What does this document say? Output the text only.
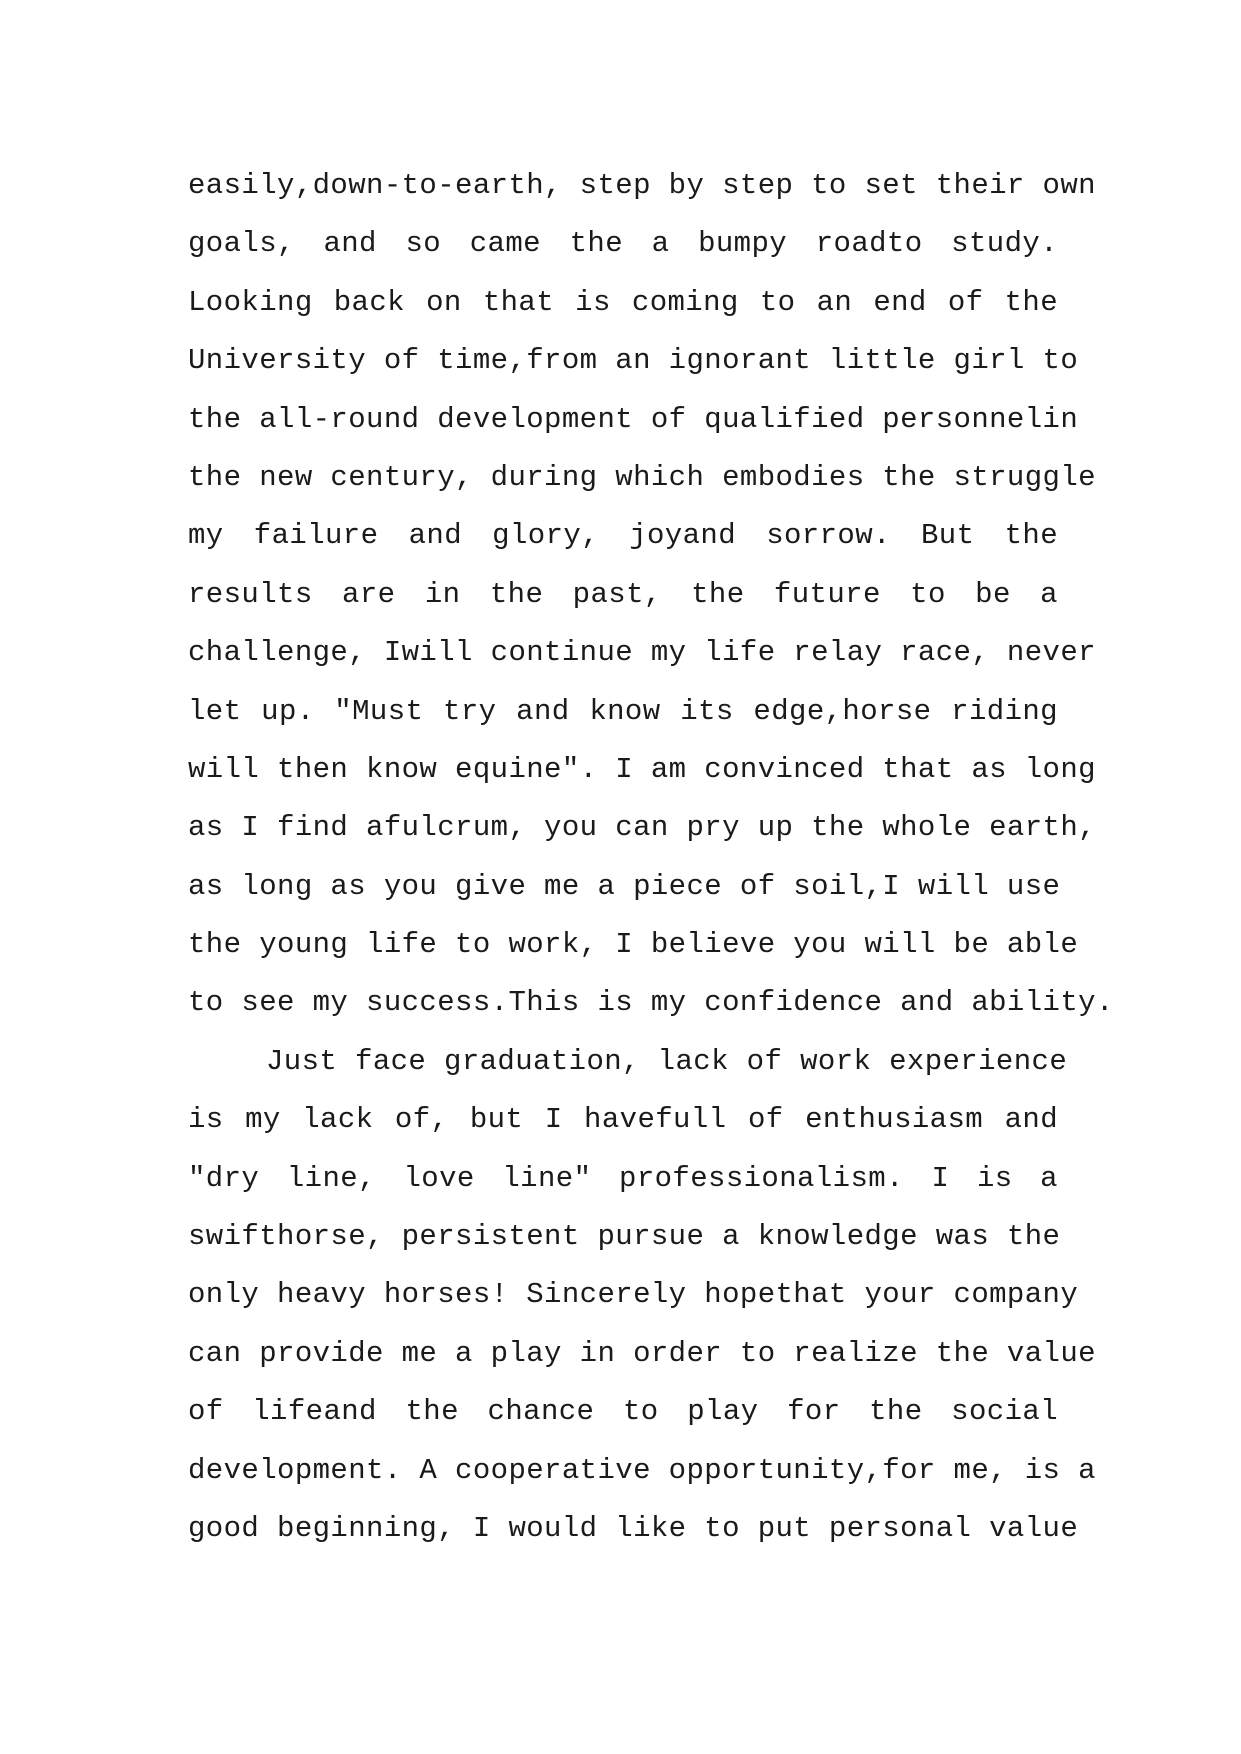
easily,down-to-earth, step by step to set their own
goals, and so came the a bumpy roadto study.
Looking back on that is coming to an end of the
University of time,from an ignorant little girl to
the all-round development of qualified personnelin
the new century, during which embodies the struggle
my failure and glory, joyand sorrow. But the
results are in the past, the future to be a
challenge, Iwill continue my life relay race, never
let up. "Must try and know its edge,horse riding
will then know equine". I am convinced that as long
as I find afulcrum, you can pry up the whole earth,
as long as you give me a piece of soil,I will use
the young life to work, I believe you will be able
to see my success.This is my confidence and ability.
Just face graduation, lack of work experience
is my lack of, but I havefull of enthusiasm and
"dry line, love line" professionalism. I is a
swifthorse, persistent pursue a knowledge was the
only heavy horses! Sincerely hopethat your company
can provide me a play in order to realize the value
of lifeand the chance to play for the social
development. A cooperative opportunity,for me, is a
good beginning, I would like to put personal value
